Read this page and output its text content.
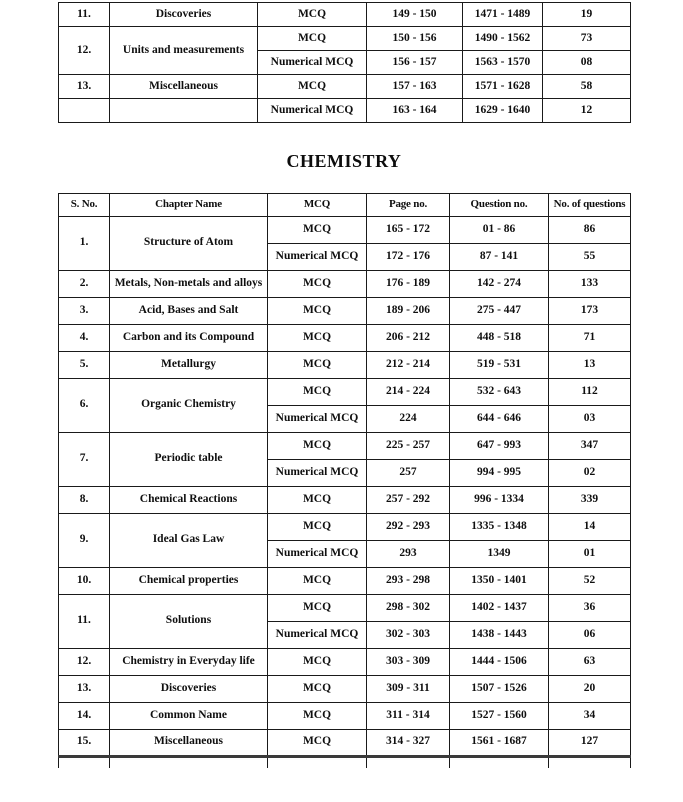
11.	Discoveries	MCQ	149 - 150	1471 - 1489	19
12.	Units and measurements	MCQ	150 - 156	1490 - 1562	73
		Numerical MCQ	156 - 157	1563 - 1570	08
13.	Miscellaneous	MCQ	157 - 163	1571 - 1628	58
		Numerical MCQ	163 - 164	1629 - 1640	12
CHEMISTRY
S. No.	Chapter Name	MCQ	Page no.	Question no.	No. of questions
1.	Structure of Atom	MCQ	165 - 172	01 - 86	86
		Numerical MCQ	172 - 176	87 - 141	55
2.	Metals, Non-metals and alloys	MCQ	176 - 189	142 - 274	133
3.	Acid, Bases and Salt	MCQ	189 - 206	275 - 447	173
4.	Carbon and its Compound	MCQ	206 - 212	448 - 518	71
5.	Metallurgy	MCQ	212 - 214	519 - 531	13
6.	Organic Chemistry	MCQ	214 - 224	532 - 643	112
		Numerical MCQ	224	644 - 646	03
7.	Periodic table	MCQ	225 - 257	647 - 993	347
		Numerical MCQ	257	994 - 995	02
8.	Chemical Reactions	MCQ	257 - 292	996 - 1334	339
9.	Ideal Gas Law	MCQ	292 - 293	1335 - 1348	14
		Numerical MCQ	293	1349	01
10.	Chemical properties	MCQ	293 - 298	1350 - 1401	52
11.	Solutions	MCQ	298 - 302	1402 - 1437	36
		Numerical MCQ	302 - 303	1438 - 1443	06
12.	Chemistry in Everyday life	MCQ	303 - 309	1444 - 1506	63
13.	Discoveries	MCQ	309 - 311	1507 - 1526	20
14.	Common Name	MCQ	311 - 314	1527 - 1560	34
15.	Miscellaneous	MCQ	314 - 327	1561 - 1687	127
